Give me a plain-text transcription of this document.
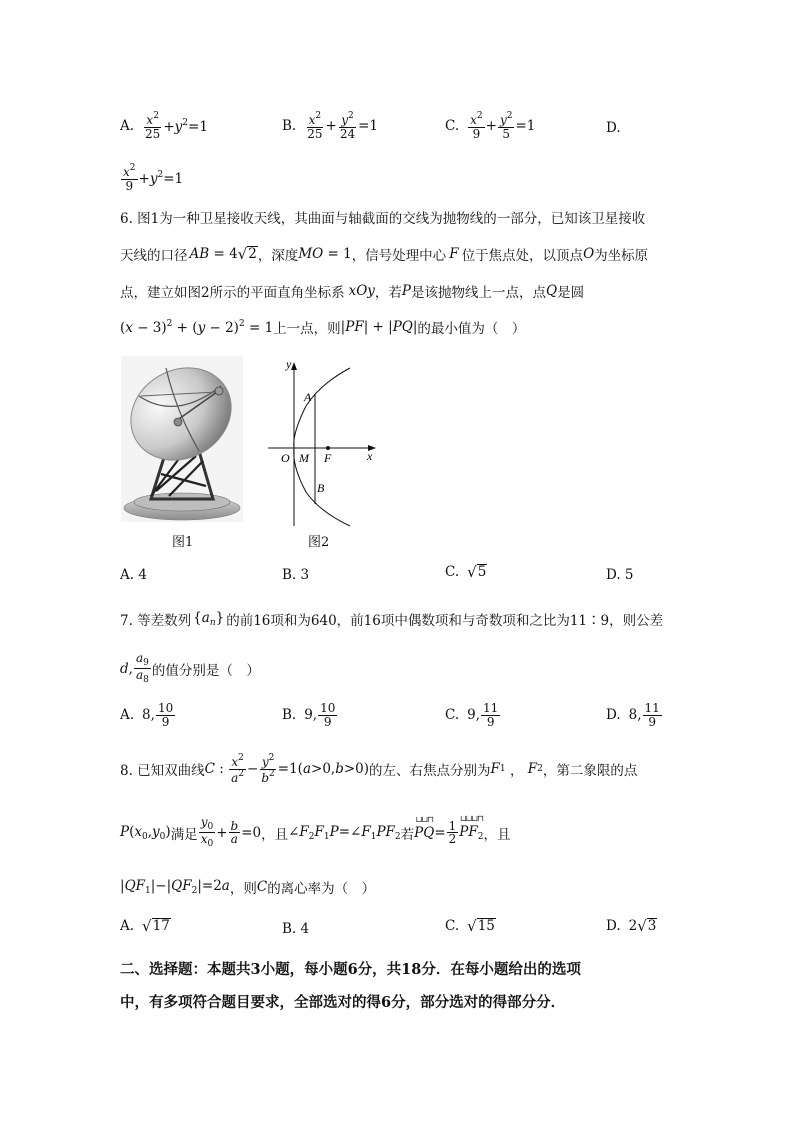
A. $\frac{x^2}{25} +y^2=1$	B. $\frac{x^2}{25} + \frac{y^2}{24} =1$	C. $\frac{x^2}{9} + \frac{y^2}{5} =1$	D.
$\frac{x^2}{9} +y^2=1$
6. 图1为一种卫星接收天线，其曲面与轴截面的交线为抛物线的一部分，已知该卫星接收
天线的口径 AB = 4 √ 2 ，深度 MO = 1 ，信号处理中心 F 位于焦点处，以顶点 O 为坐标原
点，建立如图2所示的平面直角坐标系 xOy ，若 P 是该抛物线上一点，点 Q 是圆
$(x - 3)^2 + (y - 2)^2 = 1$ 上一点，则 |PF| + |PQ| 的最小值为（　）
图1
y
x
A
B
O M F
图2
A. 4	B. 3	C. √ 5	D. 5
7. 等差数列 $\{a_n\}$ 的前16项和为640，前16项中偶数项和与奇数项和之比为11∶9，则公差
d , $\frac{a_9}{a_8}$ 的值分别是（　）
A. 8, $\frac{10}{9}$	B. 9, $\frac{10}{9}$	C. 9, $\frac{11}{9}$	D. 8, $\frac{11}{9}$
8. 已知双曲线 C : $\frac{x^2}{a^2} - \frac{y^2}{b^2} =1(a>0,b>0)$ 的左、右焦点分别为 F 1 ， F 2 ，第二象限的点
$P(x_0,y_0)$ 满足 $\frac{y_0}{x_0} + \frac{b}{a} =0$ ，且 $\angle F_2F_1P=\angle F_1PF_2$ 若
⊔⊔⊓
PQ = $\frac{1}{2}$
⊔⊔⊔⊓
$PF_2$ ，且
$|QF_1|-|QF_2|=2a$ ，则 C 的离心率为（　）
A. √ 17	B. 4	C. √ 15	D. 2 √ 3
二、选择题：本题共3小题，每小题6分，共18分．在每小题给出的选项
中，有多项符合题目要求，全部选对的得6分，部分选对的得部分分．
